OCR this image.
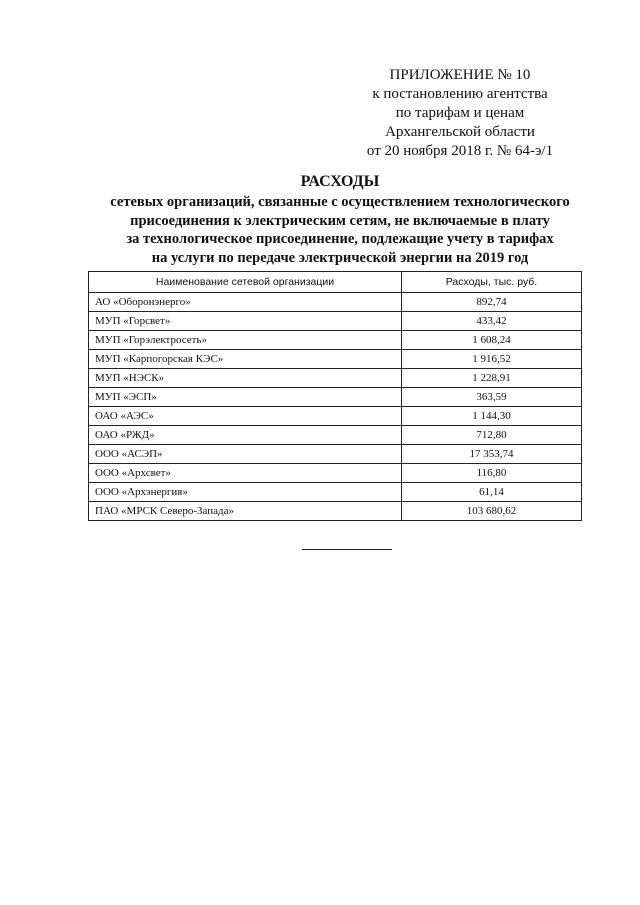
ПРИЛОЖЕНИЕ № 10
к постановлению агентства
по тарифам и ценам
Архангельской области
от 20 ноября 2018 г. № 64-э/1
РАСХОДЫ
сетевых организаций, связанные с осуществлением технологического
присоединения к электрическим сетям, не включаемые в плату
за технологическое присоединение, подлежащие учету в тарифах
на услуги по передаче электрической энергии на 2019 год
Наименование сетевой организации	Расходы, тыс. руб.
АО «Оборонэнерго»	892,74
МУП «Горсвет»	433,42
МУП «Горэлектросеть»	1 608,24
МУП «Карпогорская КЭС»	1 916,52
МУП «НЭСК»	1 228,91
МУП «ЭСП»	363,59
ОАО «АЭС»	1 144,30
ОАО «РЖД»	712,80
ООО «АСЭП»	17 353,74
ООО «Архсвет»	116,80
ООО «Архэнергия»	61,14
ПАО «МРСК Северо-Запада»	103 680,62
